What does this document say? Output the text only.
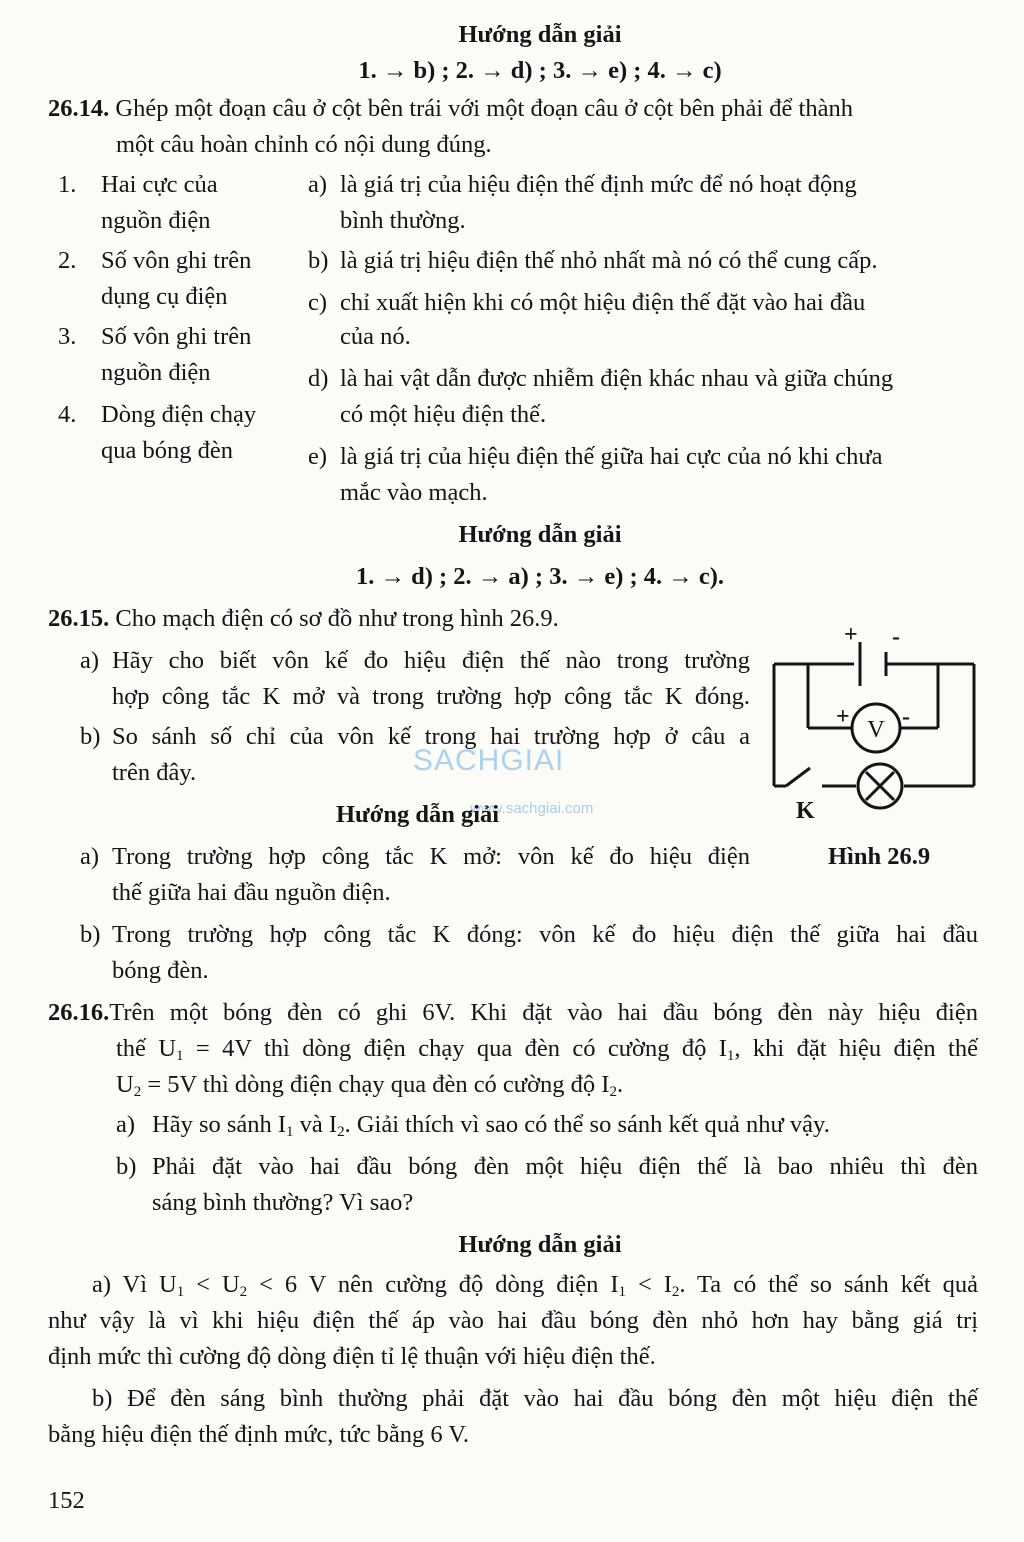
Hướng dẫn giải
1. → b) ; 2. → d) ; 3. → e) ; 4. → c)
26.14. Ghép một đoạn câu ở cột bên trái với một đoạn câu ở cột bên phải để thành
một câu hoàn chỉnh có nội dung đúng.
1. Hai cực của
nguồn điện
2. Số vôn ghi trên
dụng cụ điện
3. Số vôn ghi trên
nguồn điện
4. Dòng điện chạy
qua bóng đèn
a) là giá trị của hiệu điện thế định mức để nó hoạt động
bình thường.
b) là giá trị hiệu điện thế nhỏ nhất mà nó có thể cung cấp.
c) chỉ xuất hiện khi có một hiệu điện thế đặt vào hai đầu
của nó.
d) là hai vật dẫn được nhiễm điện khác nhau và giữa chúng
có một hiệu điện thế.
e) là giá trị của hiệu điện thế giữa hai cực của nó khi chưa
mắc vào mạch.
Hướng dẫn giải
1. → d) ; 2. → a) ; 3. → e) ; 4. → c).
26.15. Cho mạch điện có sơ đồ như trong hình 26.9.
a) Hãy cho biết vôn kế đo hiệu điện thế nào trong trường
hợp công tắc K mở và trong trường hợp công tắc K đóng.
b) So sánh số chỉ của vôn kế trong hai trường hợp ở câu a
trên đây.	SACHGIAI
www.sachgiai.com
Hướng dẫn giải
a) Trong trường hợp công tắc K mở: vôn kế đo hiệu điện
thế giữa hai đầu nguồn điện.
b) Trong trường hợp công tắc K đóng: vôn kế đo hiệu điện thế giữa hai đầu
bóng đèn.
+ -
+ -
V
K
Hình 26.9
26.16.Trên một bóng đèn có ghi 6V. Khi đặt vào hai đầu bóng đèn này hiệu điện
thế $U_1 = 4V$ thì dòng điện chạy qua đèn có cường độ $I_1$, khi đặt hiệu điện thế
$U_2 = 5V$ thì dòng điện chạy qua đèn có cường độ $I_2$.
a) Hãy so sánh $I_1$ và $I_2$. Giải thích vì sao có thể so sánh kết quả như vậy.
b) Phải đặt vào hai đầu bóng đèn một hiệu điện thế là bao nhiêu thì đèn
sáng bình thường? Vì sao?
Hướng dẫn giải
a) Vì $U_1 < U_2 < 6$ V nên cường độ dòng điện $I_1 < I_2$. Ta có thể so sánh kết quả
như vậy là vì khi hiệu điện thế áp vào hai đầu bóng đèn nhỏ hơn hay bằng giá trị
định mức thì cường độ dòng điện tỉ lệ thuận với hiệu điện thế.
b) Để đèn sáng bình thường phải đặt vào hai đầu bóng đèn một hiệu điện thế
bằng hiệu điện thế định mức, tức bằng 6 V.
152
